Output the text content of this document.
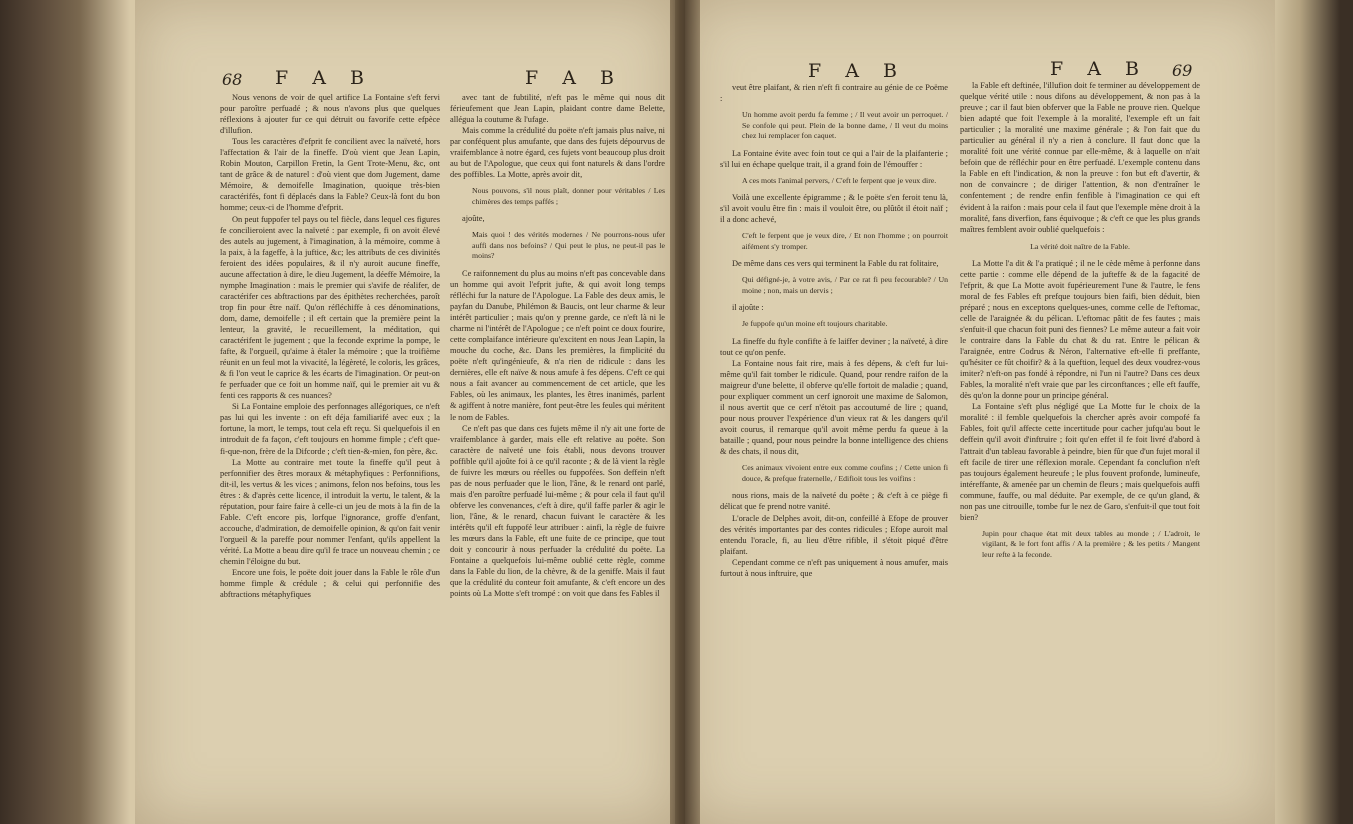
68 F A B	F A B	F A B	F A B 69

Nous venons de voir de quel artifice La Fontaine s'eft fervi pour paroître perfuadé ; & nous n'avons plus que quelques réflexions à ajouter fur ce qui détruit ou favorife cette efpèce d'illufion.

Tous les caractères d'efprit fe concilient avec la naïveté, hors l'affectation & l'air de la fineffe. D'où vient que Jean Lapin, Robin Mouton, Carpillon Fretin, la Gent Trote-Menu, &c, ont tant de grâce & de naturel : d'où vient que dom Jugement, dame Mémoire, & demoifelle Imagination, quoique très-bien caractérifés, font fi déplacés dans la Fable? Ceux-là font du bon homme; ceux-ci de l'homme d'efprit.

On peut fuppofer tel pays ou tel fiècle, dans lequel ces figures fe concilieroient avec la naïveté : par exemple, fi on avoit élevé des autels au jugement, à l'imagination, à la mémoire, comme à la paix, à la fageffe, à la juftice, &c; les attributs de ces divinités feroient des idées populaires, & il n'y auroit aucune fineffe, aucune affectation à dire, le dieu Jugement, la déeffe Mémoire, la nymphe Imagination : mais le premier qui s'avife de réalifer, de caractérifer ces abftractions par des épithètes recherchées, paroît trop fin pour être naïf. Qu'on réfléchiffe à ces dénominations, dom, dame, demoifelle ; il eft certain que la première peint la lenteur, la gravité, le recueillement, la méditation, qui caractérifent le jugement ; que la feconde exprime la pompe, le fafte, & l'orgueil, qu'aime à étaler la mémoire ; que la troifième réunit en un feul mot la vivacité, la légèreté, le coloris, les grâces, & fi l'on veut le caprice & les écarts de l'imagination. Or peut-on fe perfuader que ce foit un homme naïf, qui le premier ait vu & fenti ces rapports & ces nuances?

Si La Fontaine emploie des perfonnages allégoriques, ce n'eft pas lui qui les invente : on eft déja familiarifé avec eux ; la fortune, la mort, le temps, tout cela eft reçu. Si quelquefois il en introduit de fa façon, c'eft toujours en homme fimple ; c'eft que-fi-que-non, frère de la Difcorde ; c'eft tien-&-mien, fon père, &c.

La Motte au contraire met toute la fineffe qu'il peut à perfonnifier des êtres moraux & métaphyfiques : Perfonnifions, dit-il, les vertus & les vices ; animons, felon nos befoins, tous les êtres : & d'après cette licence, il introduit la vertu, le talent, & la réputation, pour faire faire à celle-ci un jeu de mots à la fin de la Fable. C'eft encore pis, lorfque l'ignorance, groffe d'enfant, accouche, d'admiration, de demoifelle opinion, & qu'on fait venir l'orgueil & la pareffe pour nommer l'enfant, qu'ils appellent la vérité. La Motte a beau dire qu'il fe trace un nouveau chemin ; ce chemin l'éloigne du but.

Encore une fois, le poëte doit jouer dans la Fable le rôle d'un homme fimple & crédule ; & celui qui perfonnifie des abftractions métaphyfiques

avec tant de fubtilité, n'eft pas le même qui nous dit férieufement que Jean Lapin, plaidant contre dame Belette, allégua la coutume & l'ufage.

Mais comme la crédulité du poëte n'eft jamais plus naïve, ni par conféquent plus amufante, que dans des fujets dépourvus de vraifemblance à notre égard, ces fujets vont beaucoup plus droit au but de l'Apologue, que ceux qui font naturels & dans l'ordre des poffibles. La Motte, après avoir dit,

Nous pouvons, s'il nous plaît, donner pour véritables / Les chimères des temps paffés ;

ajoûte,

Mais quoi ! des vérités modernes / Ne pourrons-nous ufer auffi dans nos befoins? / Qui peut le plus, ne peut-il pas le moins?

Ce raifonnement du plus au moins n'eft pas concevable dans un homme qui avoit l'efprit jufte, & qui avoit long temps réfléchi fur la nature de l'Apologue. La Fable des deux amis, le payfan du Danube, Philémon & Baucis, ont leur charme & leur intérêt particulier ; mais qu'on y prenne garde, ce n'eft là ni le charme ni l'intérêt de l'Apologue ; ce n'eft point ce doux fourire, cette complaifance intérieure qu'excitent en nous Jean Lapin, la mouche du coche, &c. Dans les premières, la fimplicité du poëte n'eft qu'ingénieufe, & n'a rien de ridicule : dans les dernières, elle eft naïve & nous amufe à fes dépens. C'eft ce qui nous a fait avancer au commencement de cet article, que les Fables, où les animaux, les plantes, les êtres inanimés, parlent & agiffent à notre manière, font peut-être les feules qui méritent le nom de Fables.

Ce n'eft pas que dans ces fujets même il n'y ait une forte de vraifemblance à garder, mais elle eft relative au poëte. Son caractère de naïveté une fois établi, nous devons trouver poffible qu'il ajoûte foi à ce qu'il raconte ; & de là vient la règle de fuivre les mœurs ou réelles ou fuppofées. Son deffein n'eft pas de nous perfuader que le lion, l'âne, & le renard ont parlé, mais d'en paroître perfuadé lui-même ; & pour cela il faut qu'il obferve les convenances, c'eft à dire, qu'il faffe parler & agir le lion, l'âne, & le renard, chacun fuivant le caractère & les intérêts qu'il eft fuppofé leur attribuer : ainfi, la règle de fuivre les mœurs dans la Fable, eft une fuite de ce principe, que tout doit y concourir à nous perfuader la crédulité du poëte. La Fontaine a quelquefois lui-même oublié cette règle, comme dans la Fable du lion, de la chèvre, & de la geniffe. Mais il faut que la crédulité du conteur foit amufante, & c'eft encore un des points où La Motte s'eft trompé : on voit que dans fes Fables il

veut être plaifant, & rien n'eft fi contraire au génie de ce Poëme :

Un homme avoit perdu fa femme ; / Il veut avoir un perroquet. / Se confole qui peut. Plein de la bonne dame, / Il veut du moins chez lui remplacer fon caquet.

La Fontaine évite avec foin tout ce qui a l'air de la plaifanterie ; s'il lui en échape quelque trait, il a grand foin de l'émouffer :

A ces mots l'animal pervers, / C'eft le ferpent que je veux dire.

Voilà une excellente épigramme ; & le poëte s'en feroit tenu là, s'il avoit voulu être fin : mais il vouloit être, ou plûtôt il étoit naïf ; il a donc achevé,

C'eft le ferpent que je veux dire, / Et non l'homme ; on pourroit aifément s'y tromper.

De même dans ces vers qui terminent la Fable du rat folitaire,

Qui défigné-je, à votre avis, / Par ce rat fi peu fecourable? / Un moine ; non, mais un dervis ;

il ajoûte :

Je fuppofe qu'un moine eft toujours charitable.

La fineffe du ftyle confifte à fe laiffer deviner ; la naïveté, à dire tout ce qu'on penfe.

La Fontaine nous fait rire, mais à fes dépens, & c'eft fur lui-même qu'il fait tomber le ridicule. Quand, pour rendre raifon de la maigreur d'une belette, il obferve qu'elle fortoit de maladie ; quand, pour expliquer comment un cerf ignoroit une maxime de Salomon, il nous avertit que ce cerf n'étoit pas accoutumé de lire ; quand, pour nous prouver l'expérience d'un vieux rat & les dangers qu'il avoit courus, il remarque qu'il avoit même perdu fa queue à la bataille ; quand, pour nous peindre la bonne intelligence des chiens & des chats, il nous dit,

Ces animaux vivoient entre eux comme coufins ; / Cette union fi douce, & prefque fraternelle, / Edifioit tous les voifins :

nous rions, mais de la naïveté du poëte ; & c'eft à ce piège fi délicat que fe prend notre vanité.

L'oracle de Delphes avoit, dit-on, confeillé à Efope de prouver des vérités importantes par des contes ridicules ; Efope auroit mal entendu l'oracle, fi, au lieu d'être rifible, il s'étoit piqué d'être plaifant.

Cependant comme ce n'eft pas uniquement à nous amufer, mais furtout à nous inftruire, que

la Fable eft deftinée, l'illufion doit fe terminer au développement de quelque vérité utile : nous difons au développement, & non pas à la preuve ; car il faut bien obferver que la Fable ne prouve rien. Quelque bien adapté que foit l'exemple à la moralité, l'exemple eft un fait particulier ; la moralité une maxime générale ; & l'on fait que du particulier au général il n'y a rien à conclure. Il faut donc que la moralité foit une vérité connue par elle-même, & à laquelle on n'ait befoin que de réfléchir pour en être perfuadé. L'exemple contenu dans la Fable en eft l'indication, & non la preuve : fon but eft d'avertir, & non de convaincre ; de diriger l'attention, & non d'entraîner le confentement ; de rendre enfin fenfible à l'imagination ce qui eft évident à la raifon : mais pour cela il faut que l'exemple mène droit à la moralité, fans diverfion, fans équivoque ; & c'eft ce que les plus grands maîtres femblent avoir oublié quelquefois :

La vérité doit naître de la Fable.

La Motte l'a dit & l'a pratiqué ; il ne le cède même à perfonne dans cette partie : comme elle dépend de la jufteffe & de la fagacité de l'efprit, & que La Motte avoit fupérieurement l'une & l'autre, le fens moral de fes Fables eft prefque toujours bien faifi, bien déduit, bien préparé ; nous en exceptons quelques-unes, comme celle de l'eftomac, celle de l'araignée & du pélican. L'eftomac pâtit de fes fautes ; mais s'enfuit-il que chacun foit puni des fiennes? Le même auteur a fait voir le contraire dans la Fable du chat & du rat. Entre le pélican & l'araignée, entre Codrus & Néron, l'alternative eft-elle fi preffante, qu'hésiter ce fût choifir? & à la queftion, lequel des deux voudrez-vous imiter? n'eft-on pas fondé à répondre, ni l'un ni l'autre? Dans ces deux Fables, la moralité n'eft vraie que par les circonftances ; elle eft fauffe, dès qu'on la donne pour un principe général.

La Fontaine s'eft plus négligé que La Motte fur le choix de la moralité : il femble quelquefois la chercher après avoir compofé fa Fables, foit qu'il affecte cette incertitude pour cacher jufqu'au bout le deffein qu'il avoit d'inftruire ; foit qu'en effet il fe foit livré d'abord à l'attrait d'un tableau favorable à peindre, bien fûr que d'un fujet moral il eft facile de tirer une réflexion morale. Cependant fa conclufion n'eft pas toujours également heureufe ; le plus fouvent profonde, lumineufe, intéreffante, & amenée par un chemin de fleurs ; mais quelquefois auffi commune, fauffe, ou mal déduite. Par exemple, de ce qu'un gland, & non pas une citrouille, tombe fur le nez de Garo, s'enfuit-il que tout foit bien?

Jupin pour chaque état mit deux tables au monde ; / L'adroit, le vigilant, & le fort font affis / A la première ; & les petits / Mangent leur refte à la feconde.
